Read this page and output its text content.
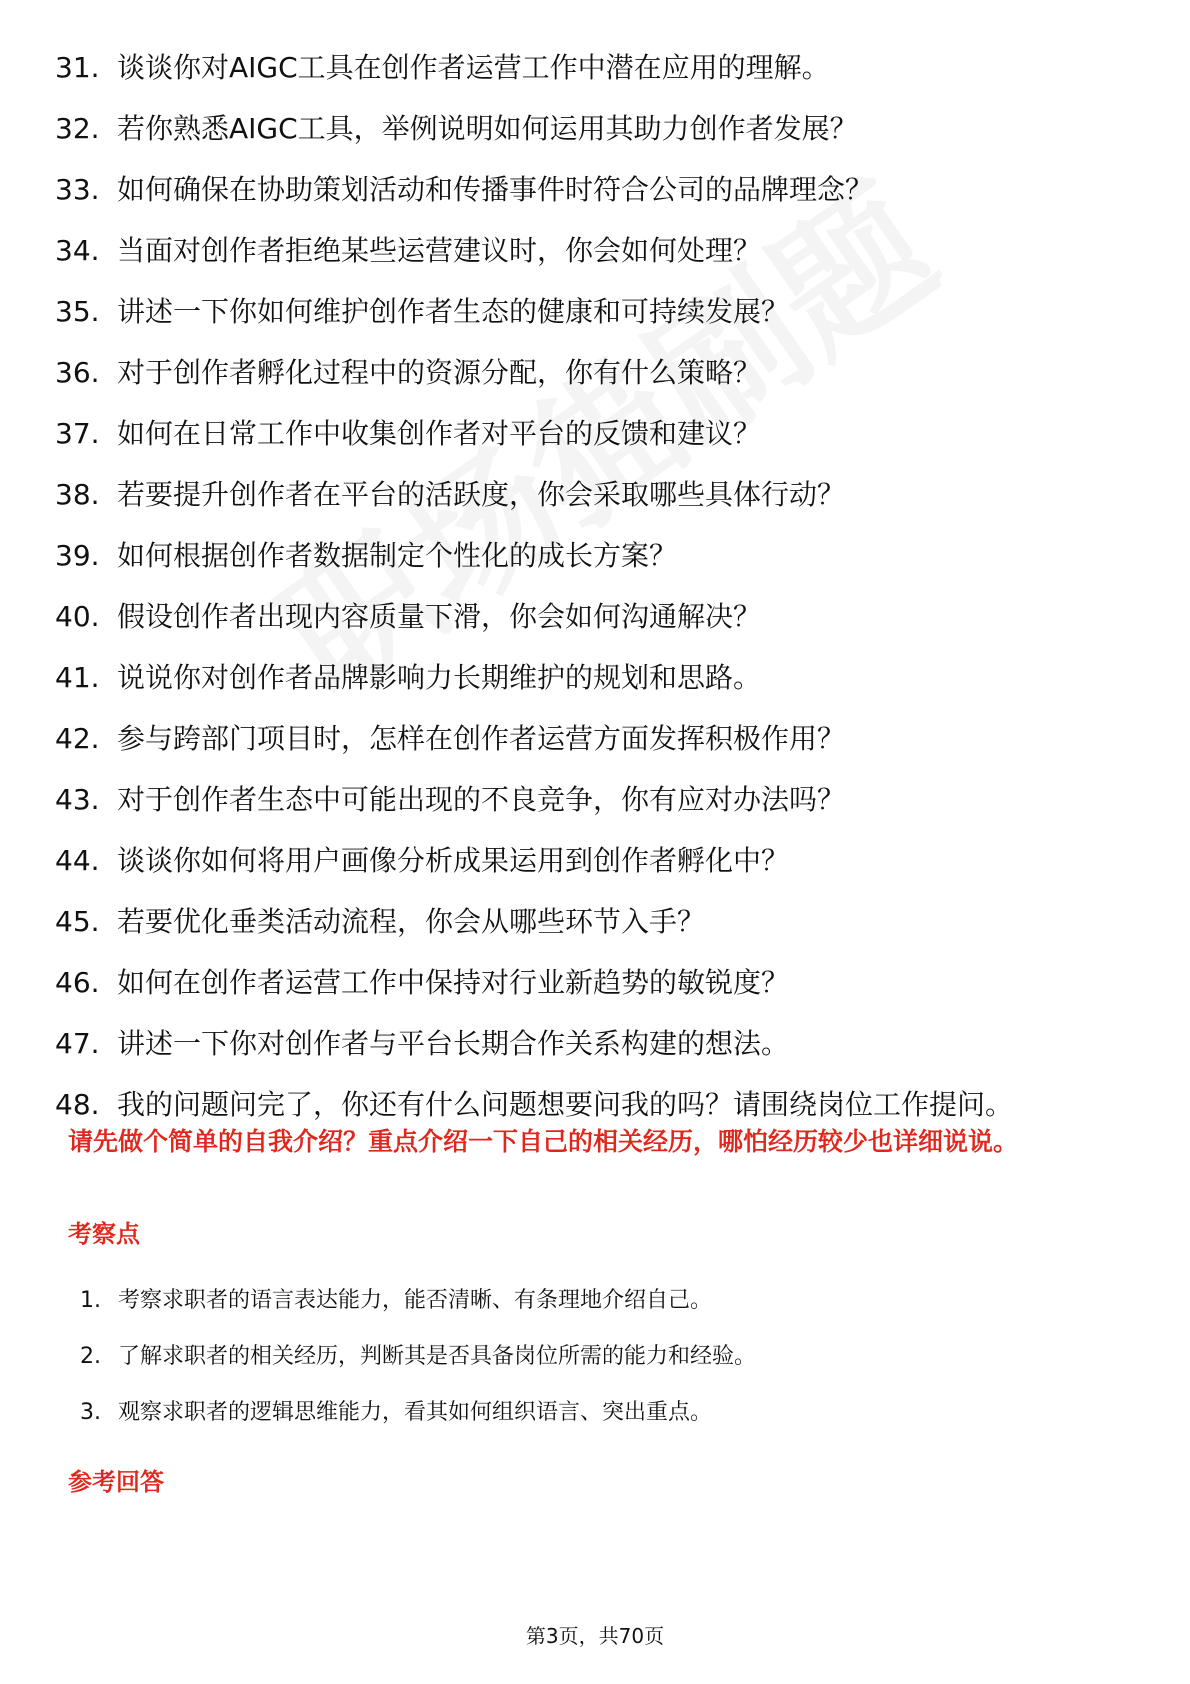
31. 谈谈你对AIGC工具在创作者运营工作中潜在应用的理解。
32. 若你熟悉AIGC工具，举例说明如何运用其助力创作者发展？
33. 如何确保在协助策划活动和传播事件时符合公司的品牌理念？
34. 当面对创作者拒绝某些运营建议时，你会如何处理？
35. 讲述一下你如何维护创作者生态的健康和可持续发展？
36. 对于创作者孵化过程中的资源分配，你有什么策略？
37. 如何在日常工作中收集创作者对平台的反馈和建议？
38. 若要提升创作者在平台的活跃度，你会采取哪些具体行动？
39. 如何根据创作者数据制定个性化的成长方案？
40. 假设创作者出现内容质量下滑，你会如何沟通解决？
41. 说说你对创作者品牌影响力长期维护的规划和思路。
42. 参与跨部门项目时，怎样在创作者运营方面发挥积极作用？
43. 对于创作者生态中可能出现的不良竞争，你有应对办法吗？
44. 谈谈你如何将用户画像分析成果运用到创作者孵化中？
45. 若要优化垂类活动流程，你会从哪些环节入手？
46. 如何在创作者运营工作中保持对行业新趋势的敏锐度？
47. 讲述一下你对创作者与平台长期合作关系构建的想法。
48. 我的问题问完了，你还有什么问题想要问我的吗？请围绕岗位工作提问。
请先做个简单的自我介绍？重点介绍一下自己的相关经历，哪怕经历较少也详细说说。
考察点
1. 考察求职者的语言表达能力，能否清晰、有条理地介绍自己。
2. 了解求职者的相关经历，判断其是否具备岗位所需的能力和经验。
3. 观察求职者的逻辑思维能力，看其如何组织语言、突出重点。
参考回答
第3页，共70页
